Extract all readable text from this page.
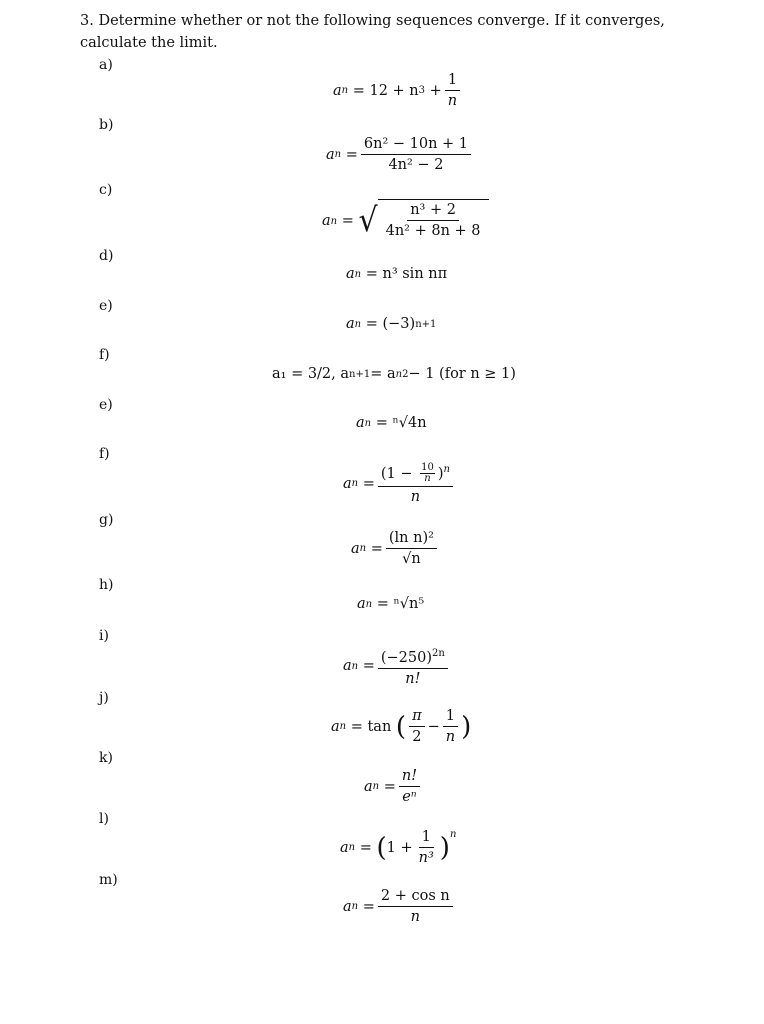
3. Determine whether or not the following sequences converge. If it converges, calculate the limit.
a)
b)
c)
d)
e)
f)
e)
f)
g)
h)
i)
j)
k)
l)
m)
a n
=
12 + n 3
+ $\frac{1}{n}$
a n
= $\frac{\text{6n² − 10n + 1}}{\text{4n² − 2}}$
a n
=
√ $\frac{\text{n³ + 2}}{\text{4n² + 8n + 8}}$
a n
=
n³ sin nπ
a n
=
(−3) n+1
a₁ = 3/2, a n+1 = a n 2 − 1 (for n ≥ 1)
a n
=
ⁿ√4n
a n
= $\frac{(1 - \frac{10}{n} )^n}{n}$
a n
= $\frac{\text{(ln n)²}}{√n}$
a n
=
ⁿ√n⁵
a n
= $\frac{(-250)^{2n}}{n!}$
a n
=
tan
( $\frac{\pi}{2} - \frac{1}{n}$ )
a n
= $\frac{n!}{\text{eⁿ}}$
a n
=
( 1
+ $\frac{1}{\text{n³}} )^n$
a n
= $\frac{\text{2 + cos n}}{n}$
